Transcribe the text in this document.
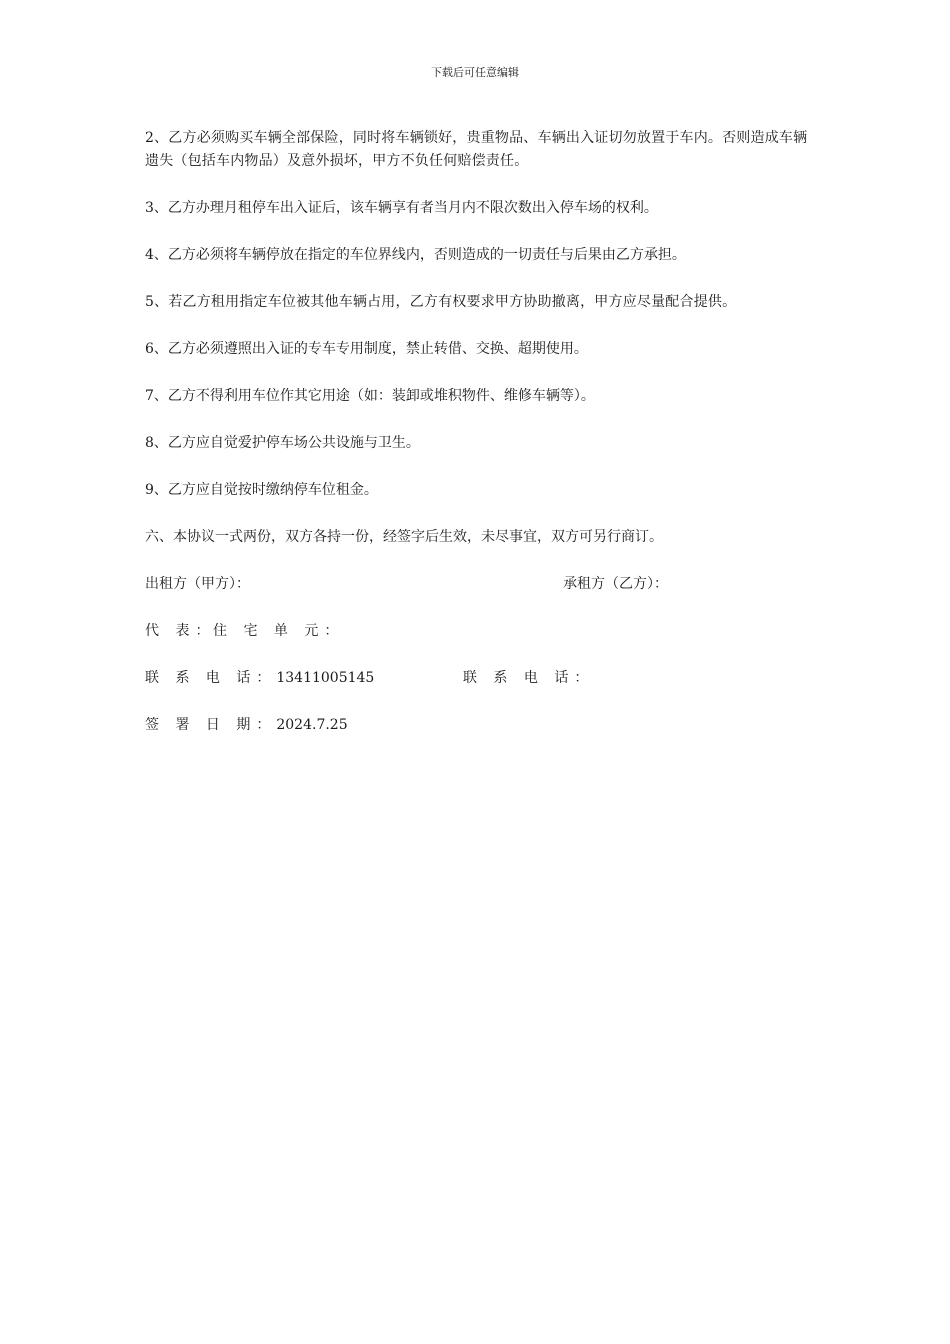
下载后可任意编辑

2、乙方必须购买车辆全部保险，同时将车辆锁好，贵重物品、车辆出入证切勿放置于车内。否则造成车辆遗失（包括车内物品）及意外损坏，甲方不负任何赔偿责任。

3、乙方办理月租停车出入证后，该车辆享有者当月内不限次数出入停车场的权利。

4、乙方必须将车辆停放在指定的车位界线内，否则造成的一切责任与后果由乙方承担。

5、若乙方租用指定车位被其他车辆占用，乙方有权要求甲方协助撤离，甲方应尽量配合提供。

6、乙方必须遵照出入证的专车专用制度，禁止转借、交换、超期使用。

7、乙方不得利用车位作其它用途（如：装卸或堆积物件、维修车辆等）。

8、乙方应自觉爱护停车场公共设施与卫生。

9、乙方应自觉按时缴纳停车位租金。

六、本协议一式两份，双方各持一份，经签字后生效，未尽事宜，双方可另行商订。

出租方（甲方）：	承租方（乙方）：
代 表：
住 宅 单 元：
联 系 电 话：13411005145	联 系 电 话：
签 署 日 期：2024.7.25
